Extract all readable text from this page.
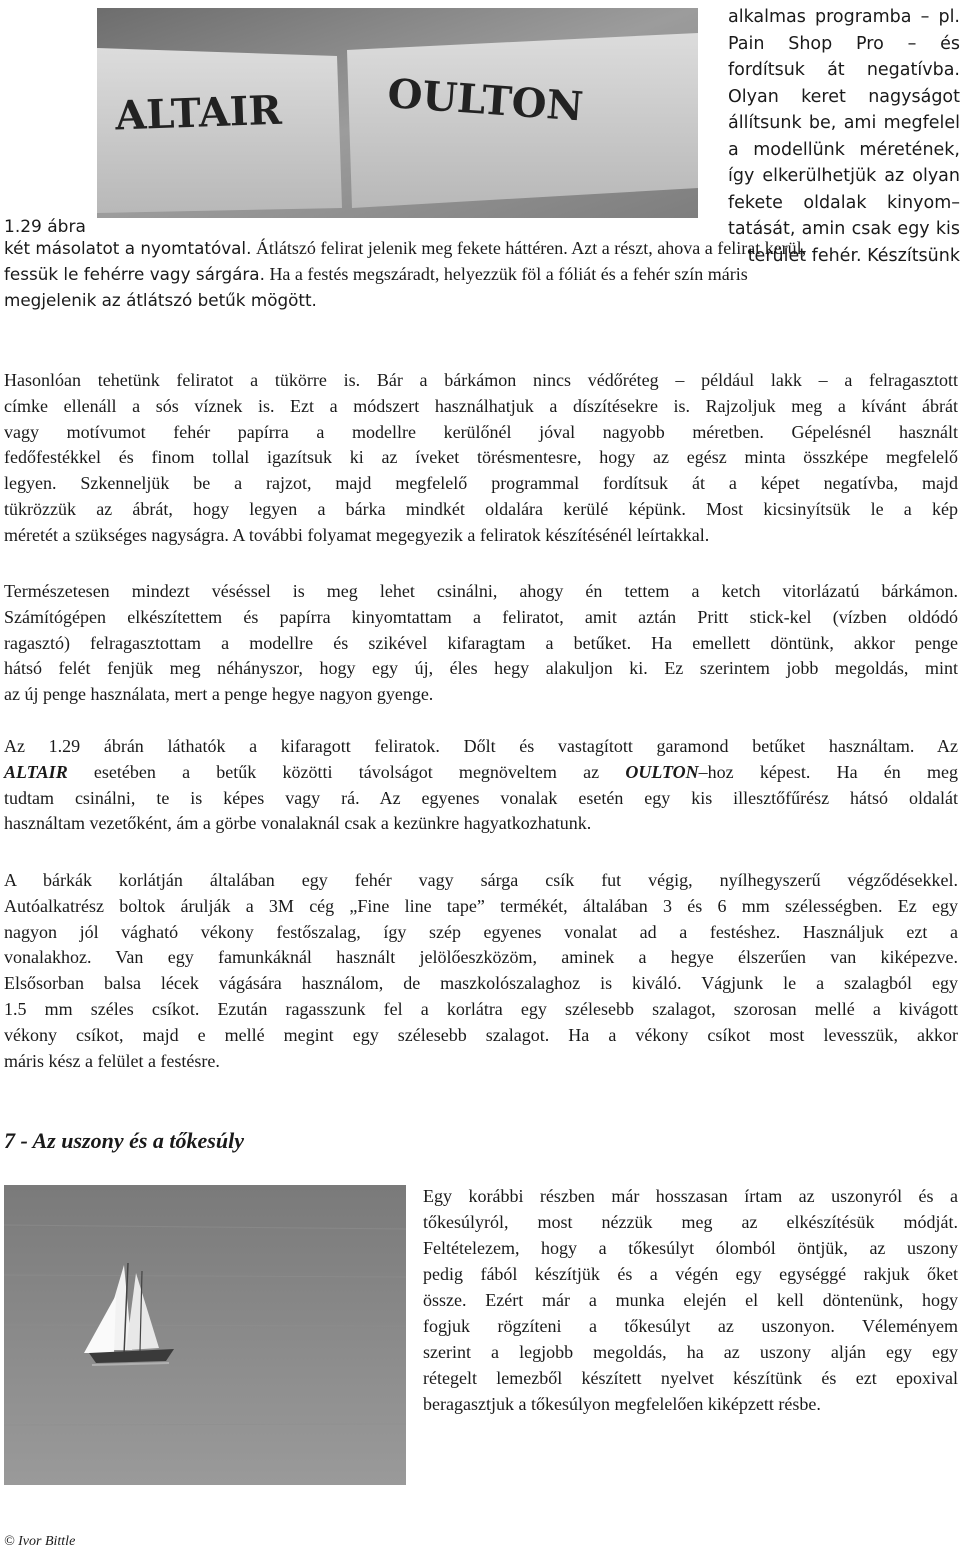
ALTAIR	OULTON
1.29 ábra
alkalmas programba – pl.
Pain Shop Pro – és
fordítsuk át negatívba.
Olyan keret nagyságot
állítsunk be, ami megfelel
a modellünk méretének,
így elkerülhetjük az olyan
fekete oldalak kinyom–
tatását, amin csak egy kis
terület fehér. Készítsünk
két másolatot a nyomtatóval. Átlátszó felirat jelenik meg fekete háttéren. Azt a részt, ahova a felirat kerül,
fessük le fehérre vagy sárgára. Ha a festés megszáradt, helyezzük föl a fóliát és a fehér szín máris
megjelenik az átlátszó betűk mögött.
Hasonlóan tehetünk feliratot a tükörre is. Bár a bárkámon nincs védőréteg – például lakk – a felragasztott
címke ellenáll a sós víznek is. Ezt a módszert használhatjuk a díszítésekre is. Rajzoljuk meg a kívánt ábrát
vagy motívumot fehér papírra a modellre kerülőnél jóval nagyobb méretben. Gépelésnél használt
fedőfestékkel és finom tollal igazítsuk ki az íveket törésmentesre, hogy az egész minta összképe megfelelő
legyen. Szkenneljük be a rajzot, majd megfelelő programmal fordítsuk át a képet negatívba, majd
tükrözzük az ábrát, hogy legyen a bárka mindkét oldalára kerülé képünk. Most kicsinyítsük le a kép
méretét a szükséges nagyságra. A további folyamat megegyezik a feliratok készítésénél leírtakkal.
Természetesen mindezt véséssel is meg lehet csinálni, ahogy én tettem a ketch vitorlázatú bárkámon.
Számítógépen elkészítettem és papírra kinyomtattam a feliratot, amit aztán Pritt stick-kel (vízben oldódó
ragasztó) felragasztottam a modellre és szikével kifaragtam a betűket. Ha emellett döntünk, akkor penge
hátsó felét fenjük meg néhányszor, hogy egy új, éles hegy alakuljon ki. Ez szerintem jobb megoldás, mint
az új penge használata, mert a penge hegye nagyon gyenge.
Az 1.29 ábrán láthatók a kifaragott feliratok. Dőlt és vastagított garamond betűket használtam. Az
ALTAIR esetében a betűk közötti távolságot megnöveltem az OULTON–hoz képest. Ha én meg
tudtam csinálni, te is képes vagy rá. Az egyenes vonalak esetén egy kis illesztőfűrész hátsó oldalát
használtam vezetőként, ám a görbe vonalaknál csak a kezünkre hagyatkozhatunk.
A bárkák korlátján általában egy fehér vagy sárga csík fut végig, nyílhegyszerű végződésekkel.
Autóalkatrész boltok árulják a 3M cég „Fine line tape” termékét, általában 3 és 6 mm szélességben. Ez egy
nagyon jól vágható vékony festőszalag, így szép egyenes vonalat ad a festéshez. Használjuk ezt a
vonalakhoz. Van egy famunkáknál használt jelölőeszközöm, aminek a hegye élszerűen van kiképezve.
Elsősorban balsa lécek vágására használom, de maszkolószalaghoz is kiváló. Vágjunk le a szalagból egy
1.5 mm széles csíkot. Ezután ragasszunk fel a korlátra egy szélesebb szalagot, szorosan mellé a kivágott
vékony csíkot, majd e mellé megint egy szélesebb szalagot. Ha a vékony csíkot most levesszük, akkor
máris kész a felület a festésre.
7 - Az uszony és a tőkesúly
Egy korábbi részben már hosszasan írtam az uszonyról és a
tőkesúlyról, most nézzük meg az elkészítésük módját.
Feltételezem, hogy a tőkesúlyt ólomból öntjük, az uszony
pedig fából készítjük és a végén egy egységgé rakjuk őket
össze. Ezért már a munka elején el kell döntenünk, hogy
fogjuk rögzíteni a tőkesúlyt az uszonyon. Véleményem
szerint a legjobb megoldás, ha az uszony alján egy egy
rétegelt lemezből készített nyelvet készítünk és ezt epoxival
beragasztjuk a tőkesúlyon megfelelően kiképzett résbe.
© Ivor Bittle
